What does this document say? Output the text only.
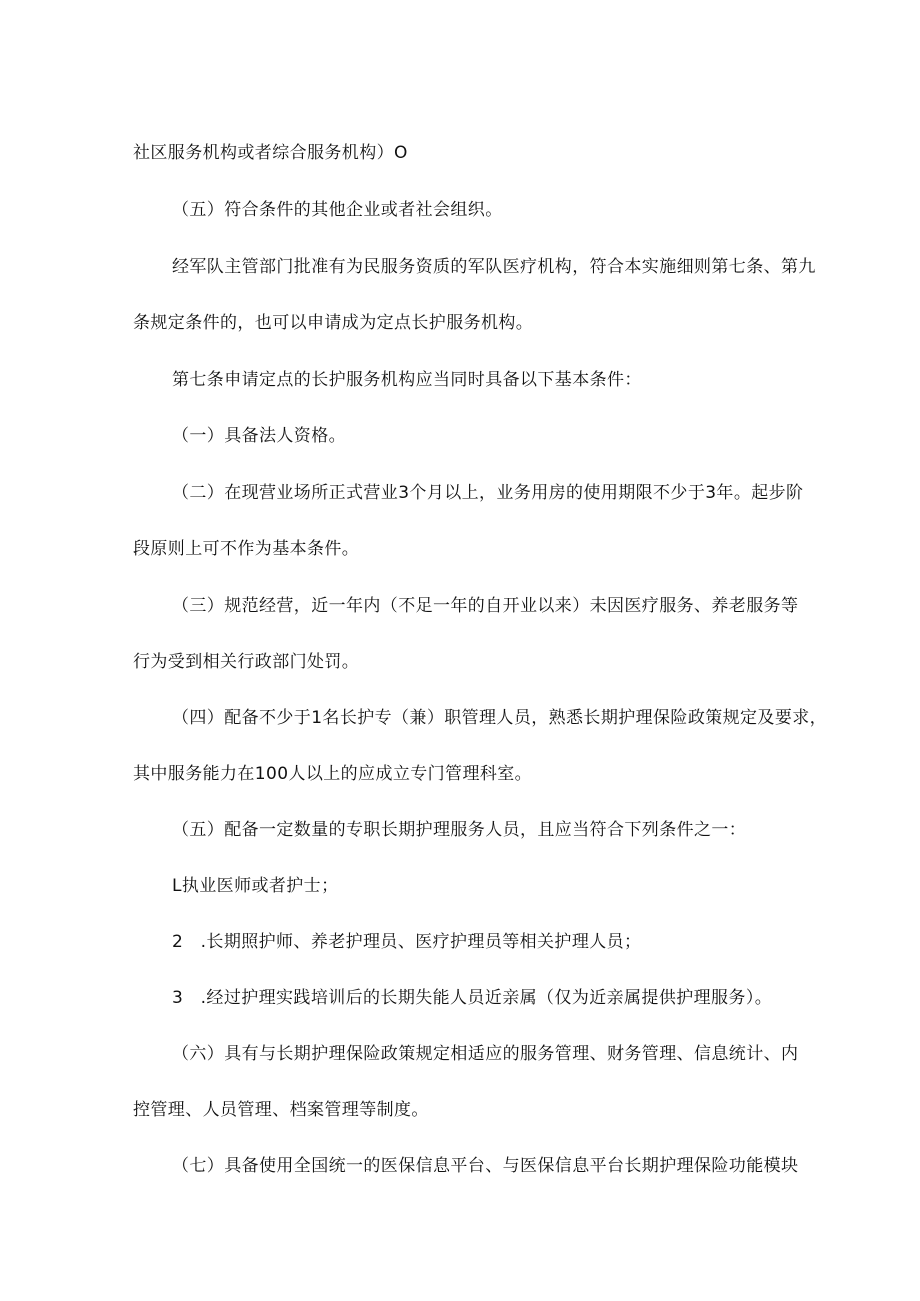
社区服务机构或者综合服务机构）O
（五）符合条件的其他企业或者社会组织。
经军队主管部门批准有为民服务资质的军队医疗机构，符合本实施细则第七条、第九
条规定条件的，也可以申请成为定点长护服务机构。
第七条申请定点的长护服务机构应当同时具备以下基本条件：
（一）具备法人资格。
（二）在现营业场所正式营业3个月以上，业务用房的使用期限不少于3年。起步阶
段原则上可不作为基本条件。
（三）规范经营，近一年内（不足一年的自开业以来）未因医疗服务、养老服务等
行为受到相关行政部门处罚。
（四）配备不少于1名长护专（兼）职管理人员，熟悉长期护理保险政策规定及要求，
其中服务能力在100人以上的应成立专门管理科室。
（五）配备一定数量的专职长期护理服务人员，且应当符合下列条件之一：
L执业医师或者护士；
2　.长期照护师、养老护理员、医疗护理员等相关护理人员；
3　.经过护理实践培训后的长期失能人员近亲属（仅为近亲属提供护理服务）。
（六）具有与长期护理保险政策规定相适应的服务管理、财务管理、信息统计、内
控管理、人员管理、档案管理等制度。
（七）具备使用全国统一的医保信息平台、与医保信息平台长期护理保险功能模块
